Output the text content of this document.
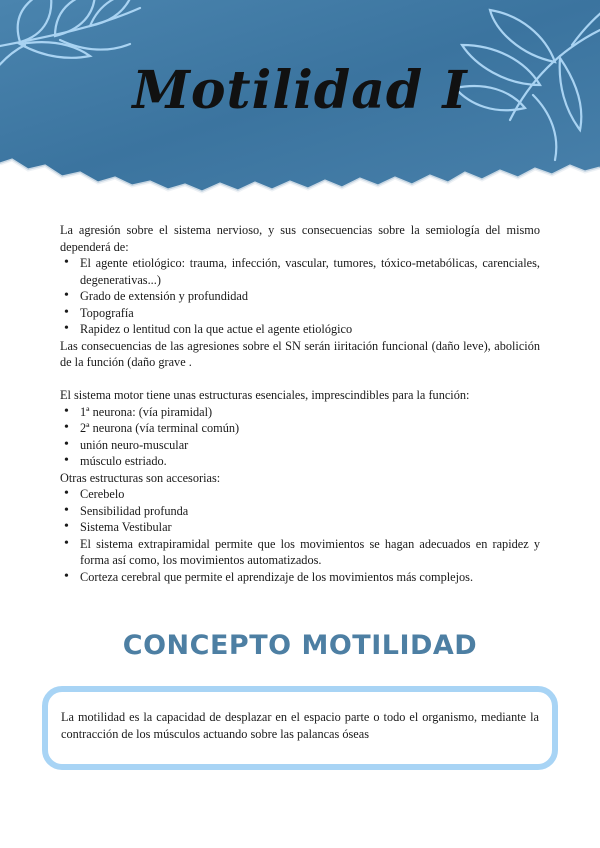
Motilidad I

La agresión sobre el sistema nervioso, y sus consecuencias sobre la semiología del mismo dependerá de:

• El agente etiológico: trauma, infección, vascular, tumores, tóxico-metabólicas, carenciales, degenerativas...)
• Grado de extensión y profundidad
• Topografía
• Rapidez o lentitud con la que actue el agente etiológico

Las consecuencias de las agresiones sobre el SN serán iiritación funcional (daño leve), abolición de la función (daño grave .

El sistema motor tiene unas estructuras esenciales, imprescindibles para la función:

• 1ª neurona: (vía piramidal)
• 2ª neurona (vía terminal común)
• unión neuro-muscular
• músculo estriado.

Otras estructuras son accesorias:

• Cerebelo
• Sensibilidad profunda
• Sistema Vestibular
• El sistema extrapiramidal permite que los movimientos se hagan adecuados en rapidez y forma así como, los movimientos automatizados.
• Corteza cerebral que permite el aprendizaje de los movimientos más complejos.
CONCEPTO MOTILIDAD

La motilidad es la capacidad de desplazar en el espacio parte o todo el organismo, mediante la contracción de los músculos actuando sobre las palancas óseas
